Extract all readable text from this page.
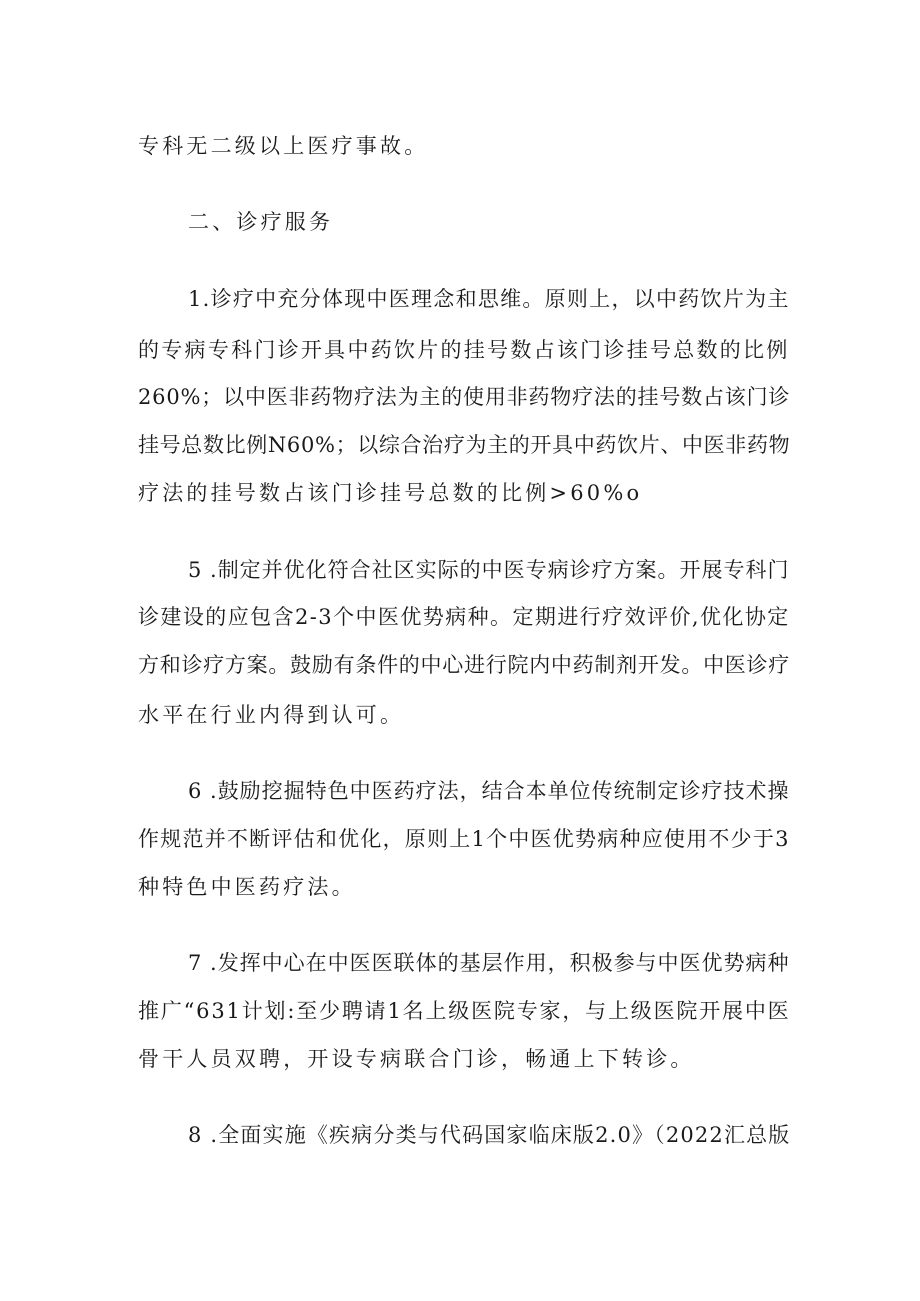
专科无二级以上医疗事故。
二、诊疗服务
1.诊疗中充分体现中医理念和思维。原则上，以中药饮片为主
的专病专科门诊开具中药饮片的挂号数占该门诊挂号总数的比例
260%；以中医非药物疗法为主的使用非药物疗法的挂号数占该门诊
挂号总数比例N60%；以综合治疗为主的开具中药饮片、中医非药物
疗法的挂号数占该门诊挂号总数的比例>60%o
5 .制定并优化符合社区实际的中医专病诊疗方案。开展专科门
诊建设的应包含2-3个中医优势病种。定期进行疗效评价,优化协定
方和诊疗方案。鼓励有条件的中心进行院内中药制剂开发。中医诊疗
水平在行业内得到认可。
6 .鼓励挖掘特色中医药疗法，结合本单位传统制定诊疗技术操
作规范并不断评估和优化，原则上1个中医优势病种应使用不少于3
种特色中医药疗法。
7 .发挥中心在中医医联体的基层作用，积极参与中医优势病种
推广“631计划:至少聘请1名上级医院专家，与上级医院开展中医
骨干人员双聘，开设专病联合门诊，畅通上下转诊。
8 .全面实施《疾病分类与代码国家临床版2.0》（2022汇总版
